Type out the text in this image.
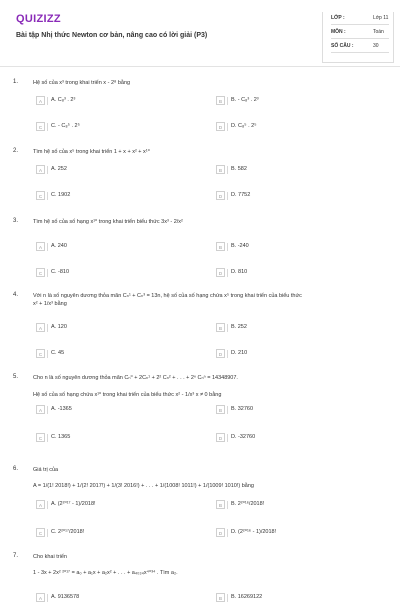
QUIZIZZ
Bài tập Nhị thức Newton cơ bản, nâng cao có lời giải (P3)
LỚP :	Lớp 11
MÔN :	Toán
SỐ CÂU :	30
1.	Hệ số của x³ trong khai triển x - 2⁸ bằng
A	A. C₈³ . 2³	B	B. - C₈³ . 2³
C	C. - C₈⁵ . 2⁵	D	D. C₈⁵ . 2⁵
2.	Tìm hệ số của x⁵ trong khai triển 1 + x + x² + x¹⁰
A	A. 252	B	B. 582
C	C. 1902	D	D. 7752
3.	Tìm hệ số của số hạng x¹⁰ trong khai triển biểu thức 3x³ - 2/x²
A	A. 240	B	B. -240
C	C. -810	D	D. 810
4.	Với n là số nguyên dương thỏa mãn Cₙ¹ + Cₙ³ = 13n, hệ số của số hạng chứa x⁵ trong khai triển của biểu thức
x² + 1/x³ bằng
A	A. 120	B	B. 252
C	C. 45	D	D. 210
5.	Cho n là số nguyên dương thỏa mãn Cₙ⁰ + 2Cₙ¹ + 2² Cₙ² + . . . + 2ⁿ Cₙⁿ = 14348907.
Hệ số của số hạng chứa x¹⁰ trong khai triển của biểu thức x² - 1/x³ x ≠ 0 bằng
A	A. -1365	B	B. 32760
C	C. 1365	D	D. -32760
6.	Giá trị của
A = 1/(1! 2018!) + 1/(2! 2017!) + 1/(3! 2016!) + . . . + 1/(1008! 1011!) + 1/(1009! 1010!) bằng
A	A. (2²⁰¹⁷ - 1)/2018!	B	B. 2²⁰¹⁶/2018!
C	C. 2²⁰¹⁷/2018!	D	D. (2²⁰¹⁶ - 1)/2018!
7.	Cho khai triển
1 - 3x + 2x² ²⁰¹⁷ = a₀ + a₁x + a₂x² + . . . + a₄₀₃₄x⁴⁰³⁴ . Tìm a₂.
A	A. 9136578	B	B. 16269122
